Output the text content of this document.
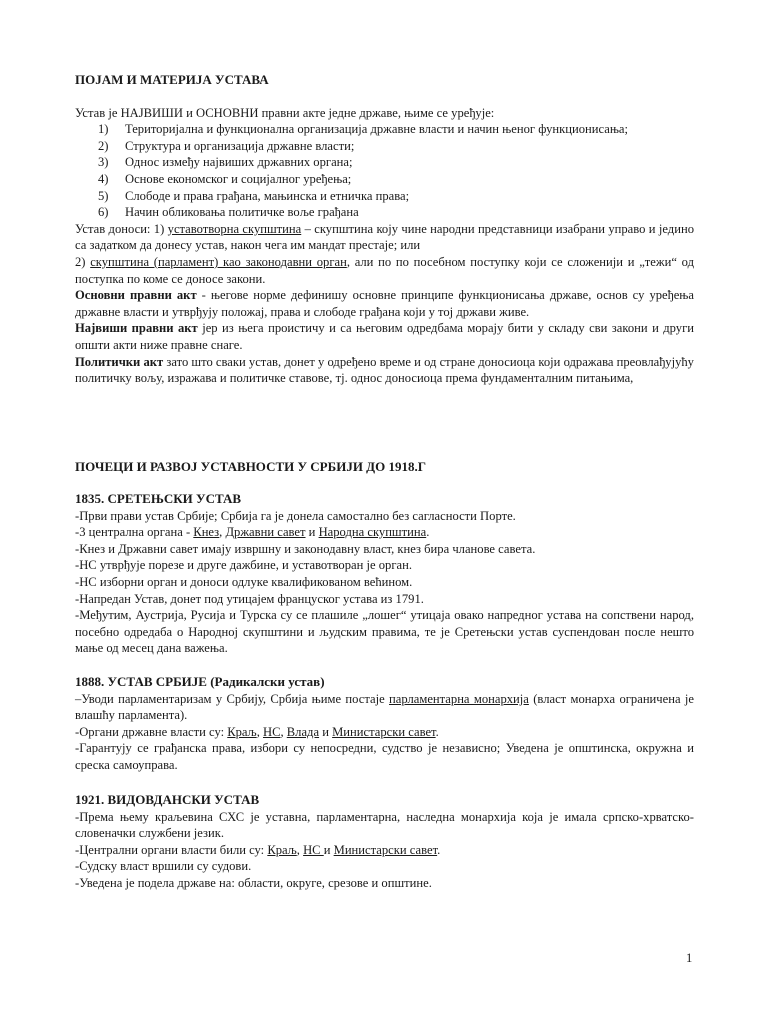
ПОЈАМ И МАТЕРИЈА УСТАВА

Устав је НАЈВИШИ и ОСНОВНИ правни акте једне државе, њиме се уређује:

1) Територијална и функционална организација државне власти и начин њеног функционисања;
2) Структура и организација државне власти;
3) Однос између највиших државних органа;
4) Основе економског и социјалног уређења;
5) Слободе и права грађана, мањинска и етничка права;
6) Начин обликовања политичке воље грађана

Устав доноси: 1) уставотворна скупштина – скупштина коју чине народни представници изабрани управо и једино са задатком да донесу устав, након чега им мандат престаје; или

2) скупштина (парламент) као законодавни орган, али по по посебном поступку који се сложенији и „тежи“ од поступка по коме се доносе закони.

Основни правни акт - његове норме дефинишу основне принципе функционисања државе, основ су уређења државне власти и утврђују положај, права и слободе грађана који у тој држави живе.

Највиши правни акт јер из њега проистичу и са његовим одредбама морају бити у складу сви закони и други општи акти ниже правне снаге.

Политички акт зато што сваки устав, донет у одређено време и од стране доносиоца који одражава преовлађујућу политичку вољу, изражава и политичке ставове, тј. однос доносиоца према фундаменталним питањима,

ПОЧЕЦИ И РАЗВОЈ УСТАВНОСТИ У СРБИЈИ ДО 1918.Г

1835. СРЕТЕЊСКИ УСТАВ

-Први прави устав Србије; Србија га је донела самостално без сагласности Порте.

-3 централна органа - Кнез, Државни савет и Народна скупштина.

-Кнез и Државни савет имају извршну и законодавну власт, кнез бира чланове савета.

-НС утврђује порезе и друге дажбине, и уставотворан је орган.

-НС изборни орган и доноси одлуке квалификованом већином.

-Напредан Устав, донет под утицајем француског устава из 1791.

-Међутим, Аустрија, Русија и Турска су се плашиле „лошег“ утицаја овако напредног устава на сопствени народ, посебно одредаба о Народној скупштини и људским правима, те је Сретењски устав суспендован после нешто мање од месец дана важења.

1888. УСТАВ СРБИЈЕ (Радикалски устав)

–Уводи парламентаризам у Србију, Србија њиме постаје парламентарна монархија (власт монарха ограничена је влашћу парламента).

-Органи државне власти су: Краљ, НС, Влада и Министарски савет.

-Гарантују се грађанска права, избори су непосредни, судство је независно; Уведена је општинска, окружна и среска самоуправа.

1921. ВИДОВДАНСКИ УСТАВ

-Према њему краљевина СХС је уставна, парламентарна, наследна монархија која је имала српско-хрватско-словеначки службени језик.

-Централни органи власти били су: Краљ, НС и Министарски савет.

-Судску власт вршили су судови.

-Уведена је подела државе на: области, округе, срезове и општине.

1
